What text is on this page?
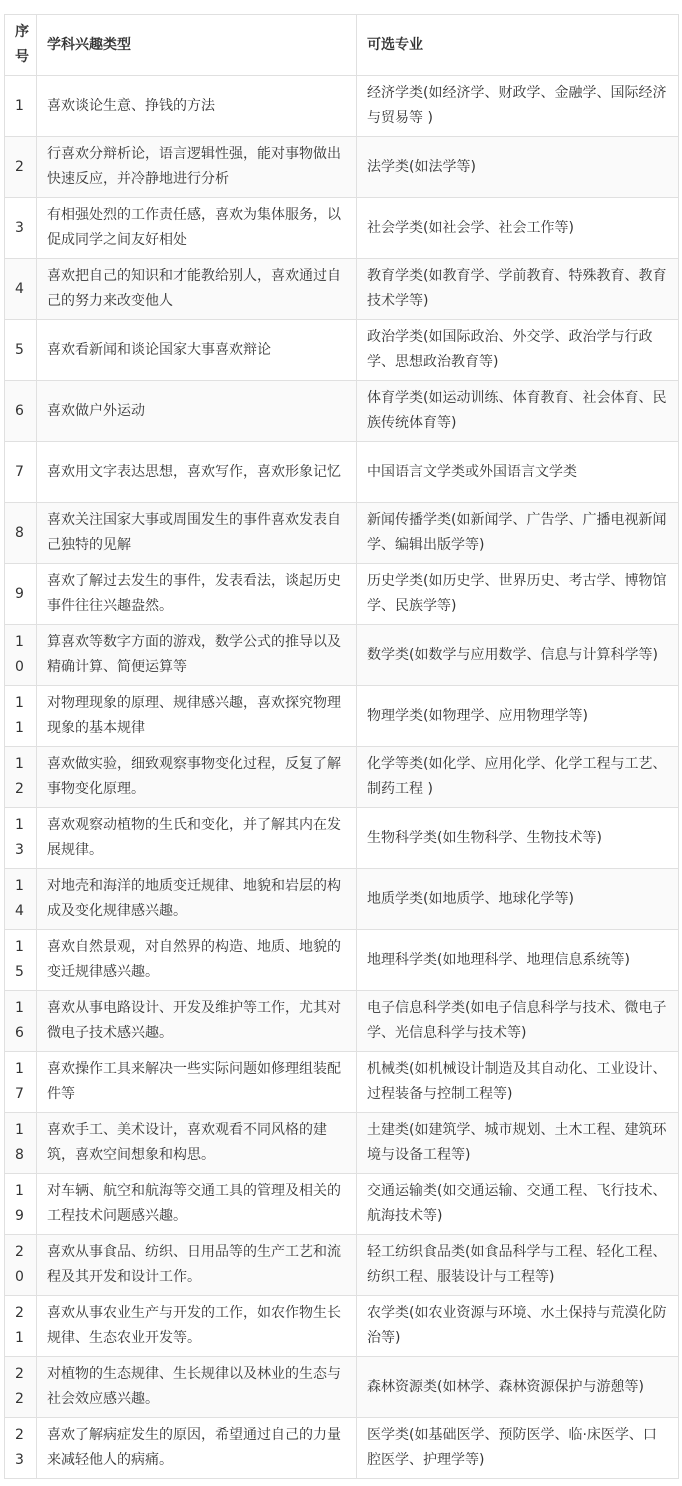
序号	学科兴趣类型	可选专业
1	喜欢谈论生意、挣钱的方法	经济学类(如经济学、财政学、金融学、国际经济与贸易等 )
2	行喜欢分辩析论，语言逻辑性强，能对事物做出快速反应，并冷静地进行分析	法学类(如法学等)
3	有相强处烈的工作责任感，喜欢为集体服务，以促成同学之间友好相处	社会学类(如社会学、社会工作等)
4	喜欢把自己的知识和才能教给别人，喜欢通过自己的努力来改变他人	教育学类(如教育学、学前教育、特殊教育、教育技术学等)
5	喜欢看新闻和谈论国家大事喜欢辩论	政治学类(如国际政治、外交学、政治学与行政学、思想政治教育等)
6	喜欢做户外运动	体育学类(如运动训练、体育教育、社会体育、民族传统体育等)
7	喜欢用文字表达思想，喜欢写作，喜欢形象记忆	中国语言文学类或外国语言文学类
8	喜欢关注国家大事或周围发生的事件喜欢发表自己独特的见解	新闻传播学类(如新闻学、广告学、广播电视新闻学、编辑出版学等)
9	喜欢了解过去发生的事件，发表看法，谈起历史事件往往兴趣盎然。	历史学类(如历史学、世界历史、考古学、博物馆学、民族学等)
10	算喜欢等数字方面的游戏，数学公式的推导以及精确计算、简便运算等	数学类(如数学与应用数学、信息与计算科学等)
11	对物理现象的原理、规律感兴趣，喜欢探究物理现象的基本规律	物理学类(如物理学、应用物理学等)
12	喜欢做实验，细致观察事物变化过程，反复了解事物变化原理。	化学等类(如化学、应用化学、化学工程与工艺、制药工程 )
13	喜欢观察动植物的生氏和变化，并了解其内在发展规律。	生物科学类(如生物科学、生物技术等)
14	对地壳和海洋的地质变迁规律、地貌和岩层的构成及变化规律感兴趣。	地质学类(如地质学、地球化学等)
15	喜欢自然景观，对自然界的构造、地质、地貌的变迁规律感兴趣。	地理科学类(如地理科学、地理信息系统等)
16	喜欢从事电路设计、开发及维护等工作，尤其对微电子技术感兴趣。	电子信息科学类(如电子信息科学与技术、微电子学、光信息科学与技术等)
17	喜欢操作工具来解决一些实际问题如修理组装配件等	机械类(如机械设计制造及其自动化、工业设计、过程装备与控制工程等)
18	喜欢手工、美术设计，喜欢观看不同风格的建筑，喜欢空间想象和构思。	土建类(如建筑学、城市规划、土木工程、建筑环境与设备工程等)
19	对车辆、航空和航海等交通工具的管理及相关的工程技术问题感兴趣。	交通运输类(如交通运输、交通工程、飞行技术、航海技术等)
20	喜欢从事食品、纺织、日用品等的生产工艺和流程及其开发和设计工作。	轻工纺织食品类(如食品科学与工程、轻化工程、纺织工程、服装设计与工程等)
21	喜欢从事农业生产与开发的工作，如农作物生长规律、生态农业开发等。	农学类(如农业资源与环境、水土保持与荒漠化防治等)
22	对植物的生态规律、生长规律以及林业的生态与社会效应感兴趣。	森林资源类(如林学、森林资源保护与游憩等)
23	喜欢了解病症发生的原因，希望通过自己的力量来减轻他人的病痛。	医学类(如基础医学、预防医学、临·床医学、口腔医学、护理学等)
